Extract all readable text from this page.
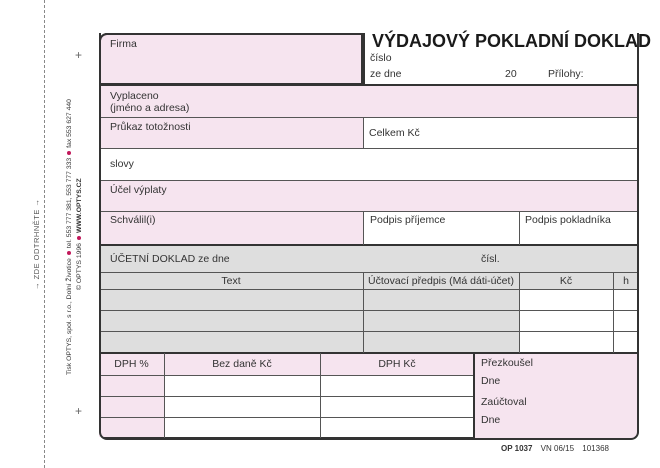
+
+
→ ZDE ODTRHNĚTE →
Tisk OPTYS, spol. s r.o., Dolní Životicetel. 553 777 381, 553 777 333fax 553 627 440
© OPTYS 1996WWW.OPTYS.CZ
Firma	VÝDAJOVÝ POKLADNÍ DOKLAD
číslo
ze dne	20	Přílohy:
Vyplaceno
(jméno a adresa)
Průkaz totožnosti	Celkem Kč
slovy
Účel výplaty
Schválil(i)	Podpis příjemce	Podpis pokladníka
ÚČETNÍ DOKLAD ze dne	čísl.
Text	Účtovací předpis (Má dáti-účet)	Kč	h
DPH %	Bez daně Kč	DPH Kč	Přezkoušel
Dne
Zaúčtoval
Dne
OP 1037 VN 06/15 101368
